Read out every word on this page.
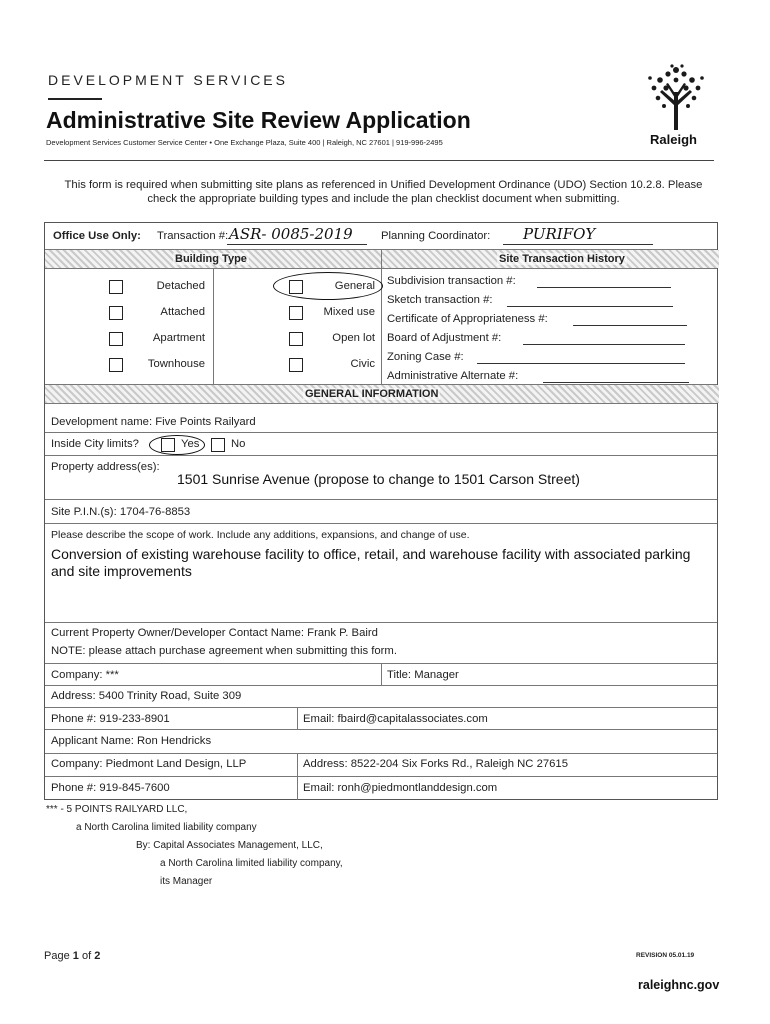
DEVELOPMENT SERVICES
Administrative Site Review Application
Development Services Customer Service Center • One Exchange Plaza, Suite 400 | Raleigh, NC 27601 | 919-996-2495	Raleigh
This form is required when submitting site plans as referenced in Unified Development Ordinance (UDO) Section 10.2.8. Please check the appropriate building types and include the plan checklist document when submitting.
Office Use Only: Transaction #: ASR- 0085-2019	Planning Coordinator: PURIFOY
Building Type	Site Transaction History
Detached
Attached
Apartment
Townhouse
General
Mixed use
Open lot
Civic
Subdivision transaction #:
Sketch transaction #:
Certificate of Appropriateness #:
Board of Adjustment #:
Zoning Case #:
Administrative Alternate #:
GENERAL INFORMATION
Development name: Five Points Railyard
Inside City limits?	Yes	No
Property address(es):
1501 Sunrise Avenue (propose to change to 1501 Carson Street)
Site P.I.N.(s): 1704-76-8853
Please describe the scope of work. Include any additions, expansions, and change of use.
Conversion of existing warehouse facility to office, retail, and warehouse facility with associated parking and site improvements
Current Property Owner/Developer Contact Name: Frank P. Baird
NOTE: please attach purchase agreement when submitting this form.
Company: ***	Title: Manager
Address: 5400 Trinity Road, Suite 309
Phone #: 919-233-8901	Email: fbaird@capitalassociates.com
Applicant Name: Ron Hendricks
Company: Piedmont Land Design, LLP	Address: 8522-204 Six Forks Rd., Raleigh NC 27615
Phone #: 919-845-7600	Email: ronh@piedmontlanddesign.com
*** - 5 POINTS RAILYARD LLC,
a North Carolina limited liability company
By: Capital Associates Management, LLC,
a North Carolina limited liability company,
its Manager
Page 1 of 2	REVISION 05.01.19
raleighnc.gov
